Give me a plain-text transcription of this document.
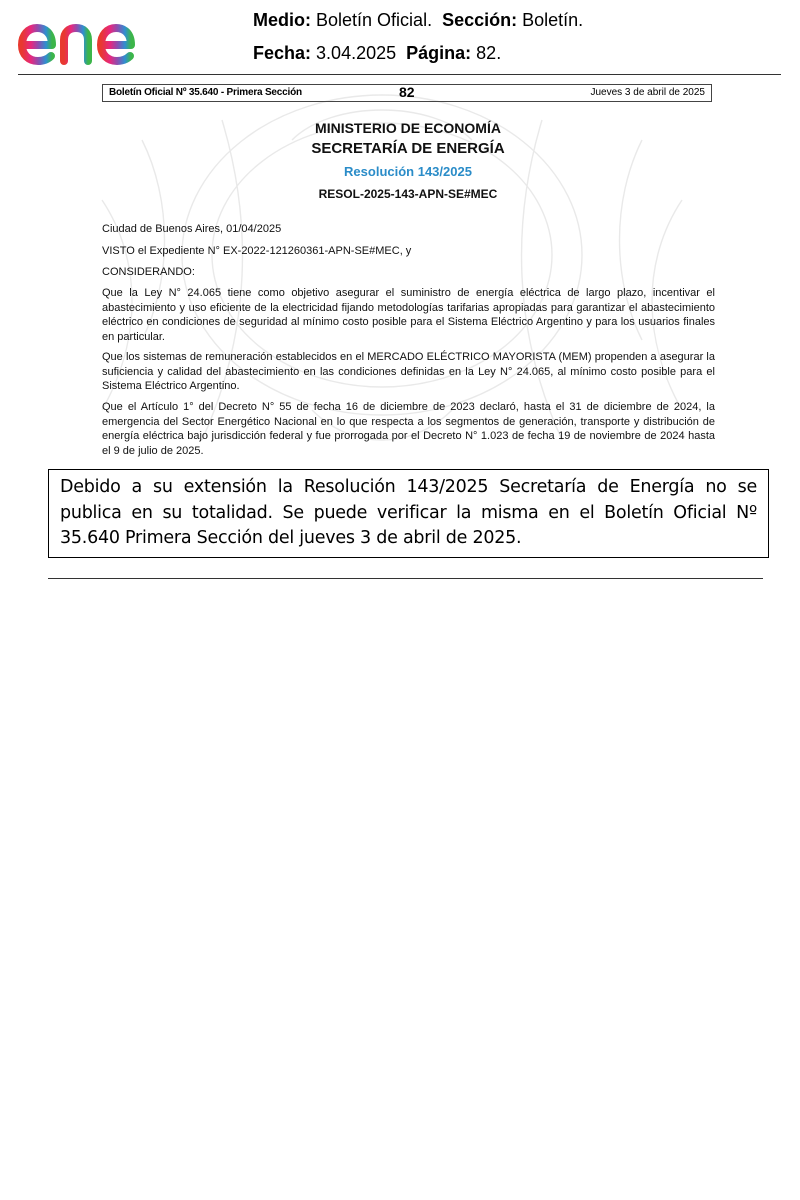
Medio: Boletín Oficial. Sección: Boletín.
Fecha: 3.04.2025 Página: 82.
Boletín Oficial Nº 35.640 - Primera Sección	82	Jueves 3 de abril de 2025
MINISTERIO DE ECONOMÍA
SECRETARÍA DE ENERGÍA
Resolución 143/2025
RESOL-2025-143-APN-SE#MEC
Ciudad de Buenos Aires, 01/04/2025
VISTO el Expediente N° EX-2022-121260361-APN-SE#MEC, y
CONSIDERANDO:
Que la Ley N° 24.065 tiene como objetivo asegurar el suministro de energía eléctrica de largo plazo, incentivar el abastecimiento y uso eficiente de la electricidad fijando metodologías tarifarias apropiadas para garantizar el abastecimiento eléctrico en condiciones de seguridad al mínimo costo posible para el Sistema Eléctrico Argentino y para los usuarios finales en particular.
Que los sistemas de remuneración establecidos en el MERCADO ELÉCTRICO MAYORISTA (MEM) propenden a asegurar la suficiencia y calidad del abastecimiento en las condiciones definidas en la Ley N° 24.065, al mínimo costo posible para el Sistema Eléctrico Argentino.
Que el Artículo 1° del Decreto N° 55 de fecha 16 de diciembre de 2023 declaró, hasta el 31 de diciembre de 2024, la emergencia del Sector Energético Nacional en lo que respecta a los segmentos de generación, transporte y distribución de energía eléctrica bajo jurisdicción federal y fue prorrogada por el Decreto N° 1.023 de fecha 19 de noviembre de 2024 hasta el 9 de julio de 2025.
Debido a su extensión la Resolución 143/2025 Secretaría de Energía no se publica en su totalidad. Se puede verificar la misma en el Boletín Oficial Nº 35.640 Primera Sección del jueves 3 de abril de 2025.
